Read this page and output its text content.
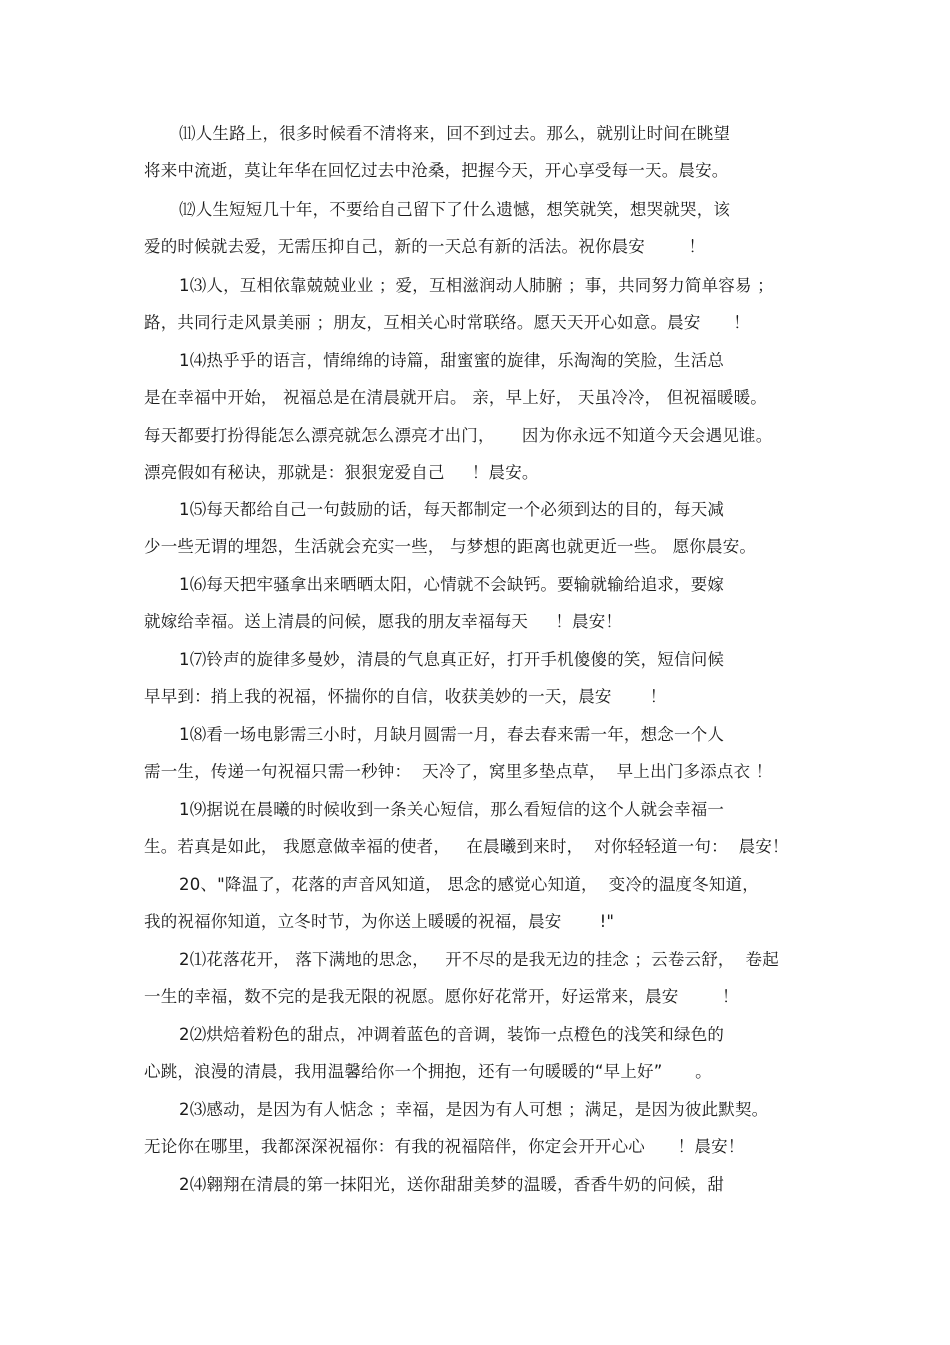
⑾人生路上，很多时候看不清将来，回不到过去。那么，就别让时间在眺望
将来中流逝，莫让年华在回忆过去中沧桑，把握今天，开心享受每一天。晨安。
⑿人生短短几十年，不要给自己留下了什么遗憾，想笑就笑，想哭就哭，该
爱的时候就去爱，无需压抑自己，新的一天总有新的活法。祝你晨安        ！
1⑶人，互相依靠兢兢业业 ；爱，互相滋润动人肺腑 ；事，共同努力简单容易 ；
路，共同行走风景美丽 ；朋友，互相关心时常联络。愿天天开心如意。晨安      ！
1⑷热乎乎的语言，情绵绵的诗篇，甜蜜蜜的旋律，乐淘淘的笑脸，生活总
是在幸福中开始， 祝福总是在清晨就开启。 亲，早上好， 天虽冷冷， 但祝福暖暖。
每天都要打扮得能怎么漂亮就怎么漂亮才出门，     因为你永远不知道今天会遇见谁。
漂亮假如有秘诀，那就是：狠狠宠爱自己     ！晨安。
1⑸每天都给自己一句鼓励的话，每天都制定一个必须到达的目的，每天减
少一些无谓的埋怨，生活就会充实一些， 与梦想的距离也就更近一些。 愿你晨安。
1⑹每天把牢骚拿出来晒晒太阳，心情就不会缺钙。要输就输给追求，要嫁
就嫁给幸福。送上清晨的问候，愿我的朋友幸福每天     ！晨安！
1⑺铃声的旋律多曼妙，清晨的气息真正好，打开手机傻傻的笑，短信问候
早早到：捎上我的祝福，怀揣你的自信，收获美妙的一天，晨安       ！
1⑻看一场电影需三小时，月缺月圆需一月，春去春来需一年，想念一个人
需一生，传递一句祝福只需一秒钟：  天冷了，窝里多垫点草，  早上出门多添点衣 ！
1⑼据说在晨曦的时候收到一条关心短信，那么看短信的这个人就会幸福一
生。若真是如此， 我愿意做幸福的使者，   在晨曦到来时，  对你轻轻道一句：  晨安！
20、"降温了，花落的声音风知道， 思念的感觉心知道，  变冷的温度冬知道，
我的祝福你知道，立冬时节，为你送上暖暖的祝福，晨安       !"
2⑴花落花开， 落下满地的思念，   开不尽的是我无边的挂念 ；云卷云舒，  卷起
一生的幸福，数不完的是我无限的祝愿。愿你好花常开，好运常来，晨安        ！
2⑵烘焙着粉色的甜点，冲调着蓝色的音调，装饰一点橙色的浅笑和绿色的
心跳，浪漫的清晨，我用温馨给你一个拥抱，还有一句暖暖的“早上好”      。
2⑶感动，是因为有人惦念 ；幸福，是因为有人可想 ；满足，是因为彼此默契。
无论你在哪里，我都深深祝福你：有我的祝福陪伴，你定会开开心心      ！晨安！
2⑷翱翔在清晨的第一抹阳光，送你甜甜美梦的温暖，香香牛奶的问候，甜
